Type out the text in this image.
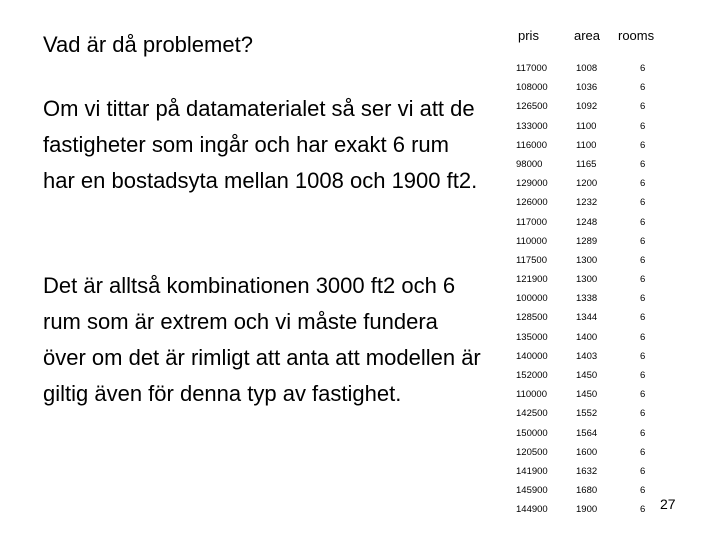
Vad är då problemet?

Om vi tittar på datamaterialet så ser vi att de fastigheter som ingår och har exakt 6 rum har en bostadsyta mellan 1008 och 1900 ft2.

Det är alltså kombinationen 3000 ft2 och 6 rum som är extrem och vi måste fundera över om det är rimligt att anta att modellen är giltig även för denna typ av fastighet.

pris	area rooms
117000	1008	6
108000	1036	6
126500	1092	6
133000	1100	6
116000	1100	6
98000	1165	6
129000	1200	6
126000	1232	6
117000	1248	6
110000	1289	6
117500	1300	6
121900	1300	6
100000	1338	6
128500	1344	6
135000	1400	6
140000	1403	6
152000	1450	6
110000	1450	6
142500	1552	6
150000	1564	6
120500	1600	6
141900	1632	6
145900	1680	6
144900	1900	6 27
